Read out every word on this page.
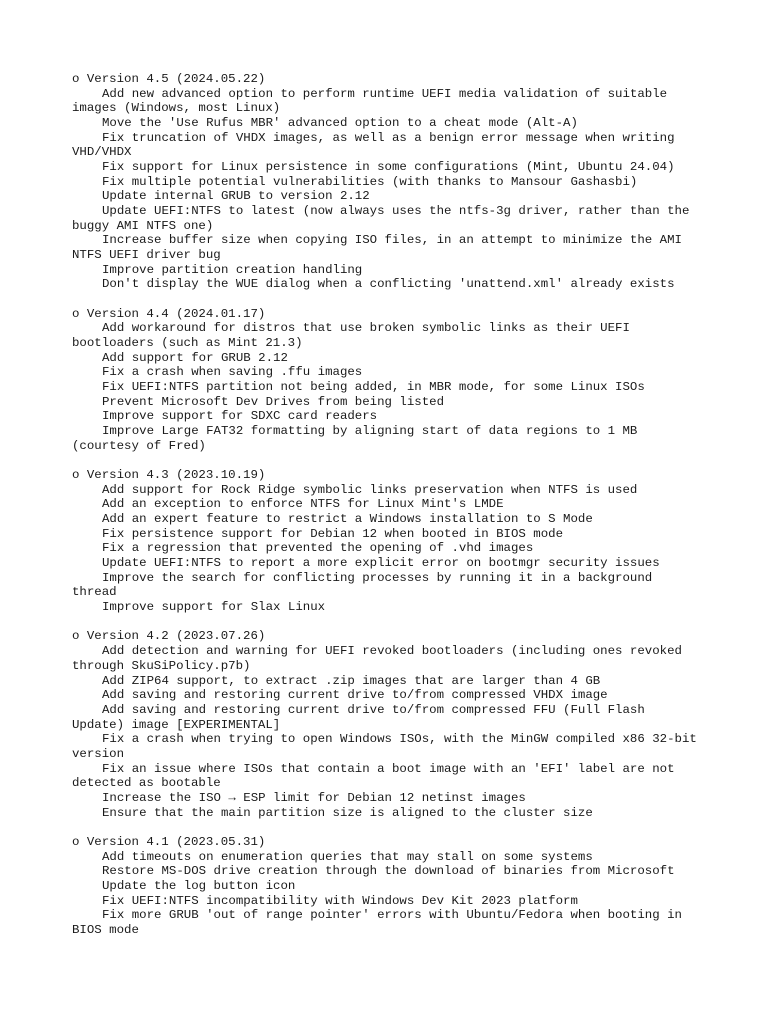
o Version 4.5 (2024.05.22)
Add new advanced option to perform runtime UEFI media validation of suitable images (Windows, most Linux)
Move the 'Use Rufus MBR' advanced option to a cheat mode (Alt-A)
Fix truncation of VHDX images, as well as a benign error message when writing VHD/VHDX
Fix support for Linux persistence in some configurations (Mint, Ubuntu 24.04)
Fix multiple potential vulnerabilities (with thanks to Mansour Gashasbi)
Update internal GRUB to version 2.12
Update UEFI:NTFS to latest (now always uses the ntfs-3g driver, rather than the buggy AMI NTFS one)
Increase buffer size when copying ISO files, in an attempt to minimize the AMI NTFS UEFI driver bug
Improve partition creation handling
Don't display the WUE dialog when a conflicting 'unattend.xml' already exists
o Version 4.4 (2024.01.17)
Add workaround for distros that use broken symbolic links as their UEFI bootloaders (such as Mint 21.3)
Add support for GRUB 2.12
Fix a crash when saving .ffu images
Fix UEFI:NTFS partition not being added, in MBR mode, for some Linux ISOs
Prevent Microsoft Dev Drives from being listed
Improve support for SDXC card readers
Improve Large FAT32 formatting by aligning start of data regions to 1 MB (courtesy of Fred)
o Version 4.3 (2023.10.19)
Add support for Rock Ridge symbolic links preservation when NTFS is used
Add an exception to enforce NTFS for Linux Mint's LMDE
Add an expert feature to restrict a Windows installation to S Mode
Fix persistence support for Debian 12 when booted in BIOS mode
Fix a regression that prevented the opening of .vhd images
Update UEFI:NTFS to report a more explicit error on bootmgr security issues
Improve the search for conflicting processes by running it in a background thread
Improve support for Slax Linux
o Version 4.2 (2023.07.26)
Add detection and warning for UEFI revoked bootloaders (including ones revoked through SkuSiPolicy.p7b)
Add ZIP64 support, to extract .zip images that are larger than 4 GB
Add saving and restoring current drive to/from compressed VHDX image
Add saving and restoring current drive to/from compressed FFU (Full Flash Update) image [EXPERIMENTAL]
Fix a crash when trying to open Windows ISOs, with the MinGW compiled x86 32-bit version
Fix an issue where ISOs that contain a boot image with an 'EFI' label are not detected as bootable
Increase the ISO → ESP limit for Debian 12 netinst images
Ensure that the main partition size is aligned to the cluster size
o Version 4.1 (2023.05.31)
Add timeouts on enumeration queries that may stall on some systems
Restore MS-DOS drive creation through the download of binaries from Microsoft
Update the log button icon
Fix UEFI:NTFS incompatibility with Windows Dev Kit 2023 platform
Fix more GRUB 'out of range pointer' errors with Ubuntu/Fedora when booting in BIOS mode
